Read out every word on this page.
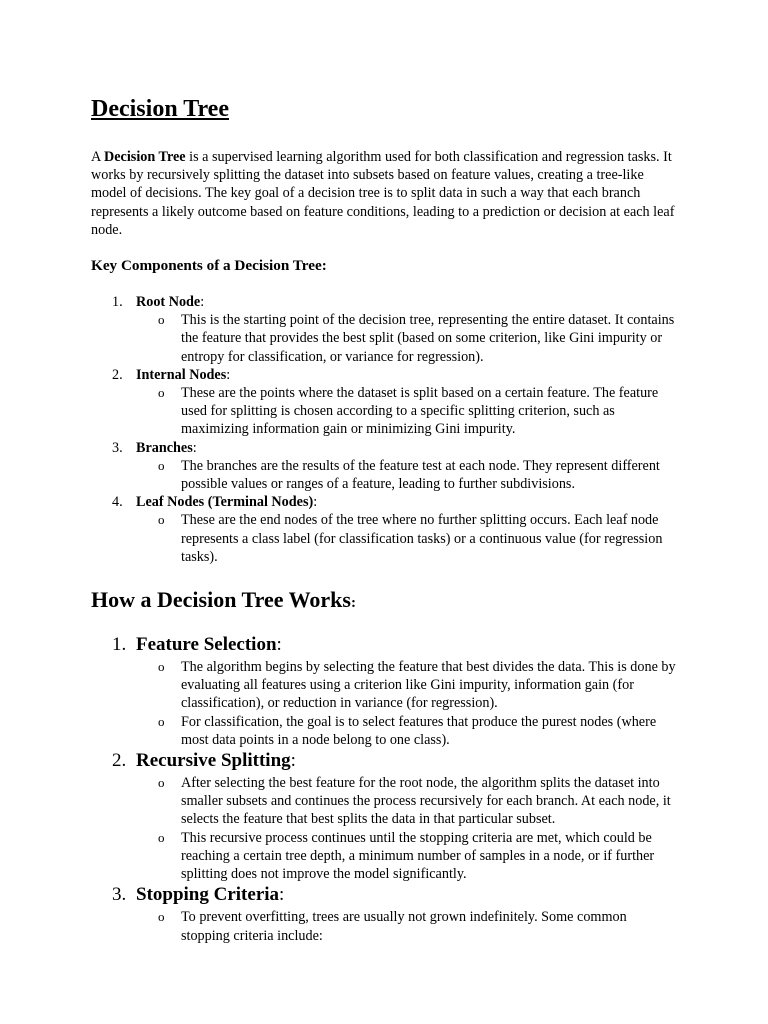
Decision Tree

A Decision Tree is a supervised learning algorithm used for both classification and regression tasks. It works by recursively splitting the dataset into subsets based on feature values, creating a tree-like model of decisions. The key goal of a decision tree is to split data in such a way that each branch represents a likely outcome based on feature conditions, leading to a prediction or decision at each leaf node.

Key Components of a Decision Tree:
1. Root Node:
o This is the starting point of the decision tree, representing the entire dataset. It contains the feature that provides the best split (based on some criterion, like Gini impurity or entropy for classification, or variance for regression).
2. Internal Nodes:
o These are the points where the dataset is split based on a certain feature. The feature used for splitting is chosen according to a specific splitting criterion, such as maximizing information gain or minimizing Gini impurity.
3. Branches:
o The branches are the results of the feature test at each node. They represent different possible values or ranges of a feature, leading to further subdivisions.
4. Leaf Nodes (Terminal Nodes):
o These are the end nodes of the tree where no further splitting occurs. Each leaf node represents a class label (for classification tasks) or a continuous value (for regression tasks).
How a Decision Tree Works:
1. Feature Selection:
o The algorithm begins by selecting the feature that best divides the data. This is done by evaluating all features using a criterion like Gini impurity, information gain (for classification), or reduction in variance (for regression).
o For classification, the goal is to select features that produce the purest nodes (where most data points in a node belong to one class).
2. Recursive Splitting:
o After selecting the best feature for the root node, the algorithm splits the dataset into smaller subsets and continues the process recursively for each branch. At each node, it selects the feature that best splits the data in that particular subset.
o This recursive process continues until the stopping criteria are met, which could be reaching a certain tree depth, a minimum number of samples in a node, or if further splitting does not improve the model significantly.
3. Stopping Criteria:
o To prevent overfitting, trees are usually not grown indefinitely. Some common stopping criteria include:
